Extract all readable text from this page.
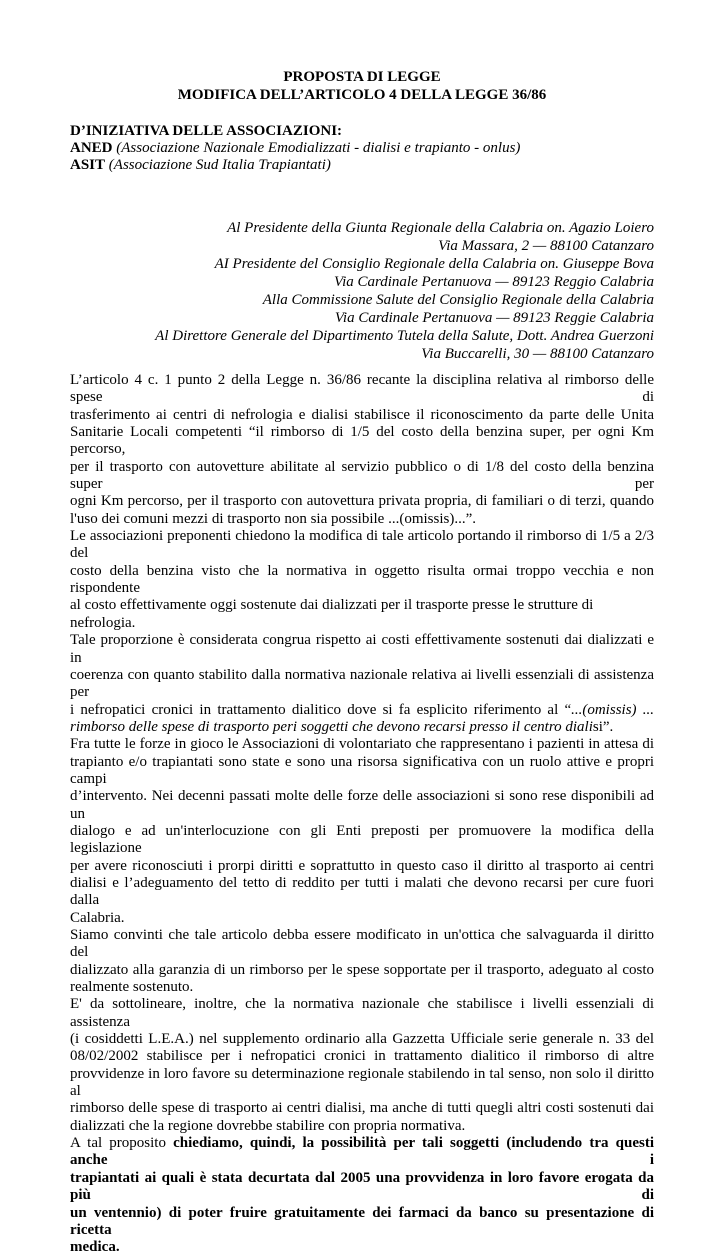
PROPOSTA DI LEGGE
MODIFICA DELL’ARTICOLO 4 DELLA LEGGE 36/86
D’INIZIATIVA DELLE ASSOCIAZIONI:
ANED (Associazione Nazionale Emodializzati - dialisi e trapianto - onlus)
ASIT (Associazione Sud Italia Trapiantati)
Al Presidente della Giunta Regionale della Calabria on. Agazio Loiero
Via Massara, 2 — 88100 Catanzaro
AI Presidente del Consiglio Regionale della Calabria on. Giuseppe Bova
Via Cardinale Pertanuova — 89123 Reggio Calabria
Alla Commissione Salute del Consiglio Regionale della Calabria
Via Cardinale Pertanuova — 89123 Reggie Calabria
Al Direttore Generale del Dipartimento Tutela della Salute, Dott. Andrea Guerzoni
Via Buccarelli, 30 — 88100 Catanzaro
L’articolo 4 c. 1 punto 2 della Legge n. 36/86 recante la disciplina relativa al rimborso delle spese di
trasferimento ai centri di nefrologia e dialisi stabilisce il riconoscimento da parte delle Unita
Sanitarie Locali competenti “il rimborso di 1/5 del costo della benzina super, per ogni Km percorso,
per il trasporto con autovetture abilitate al servizio pubblico o di 1/8 del costo della benzina super per
ogni Km percorso, per il trasporto con autovettura privata propria, di familiari o di terzi, quando
l'uso dei comuni mezzi di trasporto non sia possibile ...(omissis)...”.
Le associazioni preponenti chiedono la modifica di tale articolo portando il rimborso di 1/5 a 2/3 del
costo della benzina visto che la normativa in oggetto risulta ormai troppo vecchia e non rispondente
al costo effettivamente oggi sostenute dai dializzati per il trasporte presse le strutture di nefrologia.
Tale proporzione è considerata congrua rispetto ai costi effettivamente sostenuti dai dializzati e in
coerenza con quanto stabilito dalla normativa nazionale relativa ai livelli essenziali di assistenza per
i nefropatici cronici in trattamento dialitico dove si fa esplicito riferimento al “...(omissis) ...
rimborso delle spese di trasporto peri soggetti che devono recarsi presso il centro dialisi”.
Fra tutte le forze in gioco le Associazioni di volontariato che rappresentano i pazienti in attesa di
trapianto e/o trapiantati sono state e sono una risorsa significativa con un ruolo attive e propri campi
d’intervento. Nei decenni passati molte delle forze delle associazioni si sono rese disponibili ad un
dialogo e ad un'interlocuzione con gli Enti preposti per promuovere la modifica della legislazione
per avere riconosciuti i prorpi diritti e soprattutto in questo caso il diritto al trasporto ai centri
dialisi e l’adeguamento del tetto di reddito per tutti i malati che devono recarsi per cure fuori dalla
Calabria.
Siamo convinti che tale articolo debba essere modificato in un'ottica che salvaguarda il diritto del
dializzato alla garanzia di un rimborso per le spese sopportate per il trasporto, adeguato al costo
realmente sostenuto.
E' da sottolineare, inoltre, che la normativa nazionale che stabilisce i livelli essenziali di assistenza
(i cosiddetti L.E.A.) nel supplemento ordinario alla Gazzetta Ufficiale serie generale n. 33 del
08/02/2002 stabilisce per i nefropatici cronici in trattamento dialitico il rimborso di altre
provvidenze in loro favore su determinazione regionale stabilendo in tal senso, non solo il diritto al
rimborso delle spese di trasporto ai centri dialisi, ma anche di tutti quegli altri costi sostenuti dai
dializzati che la regione dovrebbe stabilire con propria normativa.
A tal proposito chiediamo, quindi, la possibilità per tali soggetti (includendo tra questi anche i
trapiantati ai quali è stata decurtata dal 2005 una provvidenza in loro favore erogata da più di
un ventennio) di poter fruire gratuitamente dei farmaci da banco su presentazione di ricetta
medica.
